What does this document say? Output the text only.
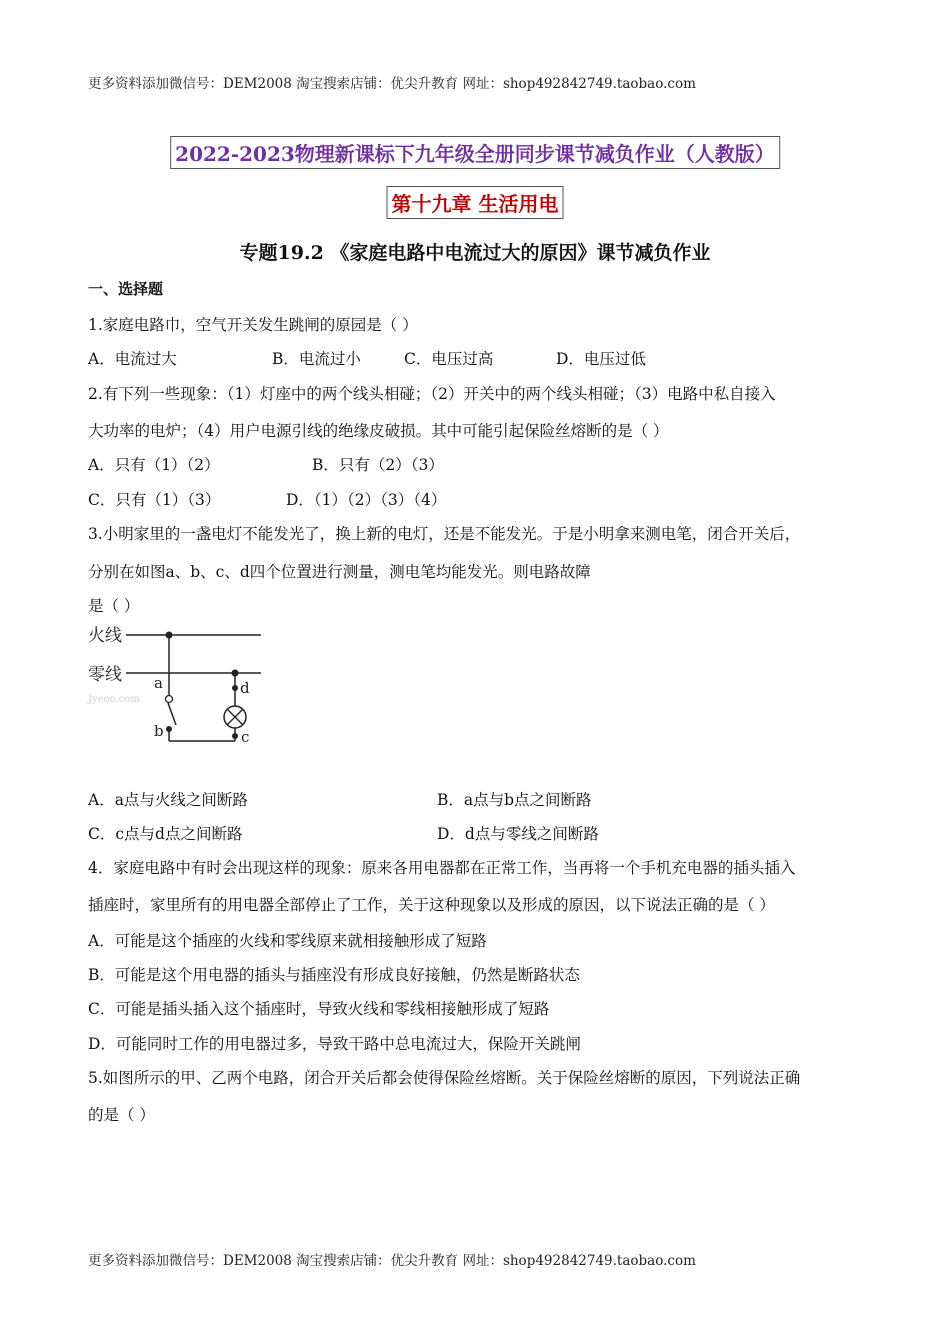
更多资料添加微信号：DEM2008 淘宝搜索店铺：优尖升教育 网址：shop492842749.taobao.com
2022-2023物理新课标下九年级全册同步课节减负作业（人教版）
第十九章 生活用电
专题19.2 《家庭电路中电流过大的原因》课节减负作业
一、选择题
1.家庭电路巾，空气开关发生跳闸的原园是（ ）
A．电流过大	B．电流过小	C．电压过高	D．电压过低
2.有下列一些现象：（1）灯座中的两个线头相碰；（2）开关中的两个线头相碰；（3）电路中私自接入
大功率的电炉；（4）用户电源引线的绝缘皮破损。其中可能引起保险丝熔断的是（ ）
A．只有（1）（2）	B．只有（2）（3）
C．只有（1）（3）	D．（1）（2）（3）（4）
3.小明家里的一盏电灯不能发光了，换上新的电灯，还是不能发光。于是小明拿来测电笔，闭合开关后，
分别在如图a、b、c、d四个位置进行测量，测电笔均能发光。则电路故障
是（ ）
火线
零线 a
b
d
c
Jyeoo.com
A．a点与火线之间断路	B．a点与b点之间断路
C．c点与d点之间断路	D．d点与零线之间断路
4．家庭电路中有时会出现这样的现象：原来各用电器都在正常工作，当再将一个手机充电器的插头插入
插座时，家里所有的用电器全部停止了工作，关于这种现象以及形成的原因，以下说法正确的是（ ）
A．可能是这个插座的火线和零线原来就相接触形成了短路
B．可能是这个用电器的插头与插座没有形成良好接触，仍然是断路状态
C．可能是插头插入这个插座时，导致火线和零线相接触形成了短路
D．可能同时工作的用电器过多，导致干路中总电流过大，保险开关跳闸
5.如图所示的甲、乙两个电路，闭合开关后都会使得保险丝熔断。关于保险丝熔断的原因，下列说法正确
的是（ ）
更多资料添加微信号：DEM2008 淘宝搜索店铺：优尖升教育 网址：shop492842749.taobao.com
